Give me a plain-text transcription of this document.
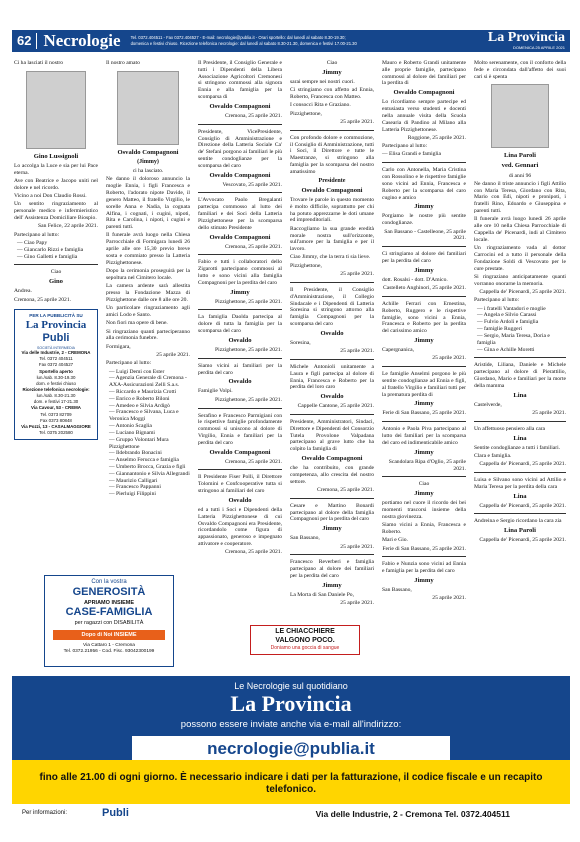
62 Necrologie	Tel. 0372.404511 - Fax 0372.404527 - E-mail: necrologie@publia.it - Orari sportello: dal lunedì al sabato 8.30-19.30;
domenica e festivi chiuso. Ricezione telefonica necrologie: dal lunedì al sabato 8.30-21.30, domenica e festivi 17.00-21.30	La Provincia
DOMENICA 25 APRILE 2021

Ci ha lasciati il nostro

Gino Lussignoli

Lo accolga la Luce e sia per lui Pace eterna.

Ave con Beatrice e Jacopo uniti nel dolore e nel ricordo.

Vicino a noi Don Claudio Rossi.

Un sentito ringraziamento al personale medico e infermieristico dell' Assistenza Domiciliare Biospio.

San Felice, 22 aprile 2021.

Partecipano al lutto:

— Ciao Papy
— Giancarlo Rizzi e famiglia
— Gino Galletti e famiglia

Ciao

Gino

Andrea.

Cremona, 25 aprile 2021.

PER LA PUBBLICITÀ SU
La Provincia
Publi
SOCIETÀ INTERMEDIA
Via delle Industrie, 2 - CREMONA
Tel. 0372 404511
Fax 0372 404527
Sportello aperto
lun./sab. 8.30-19.30
dom. e festivi chiuso
Ricezione telefonica necrologie:
lun./sab. 8.30-21.30
dom. e festivi 17-21.30
Via Cavour, 53 - CREMA
Tel. 0373 82709
Fax 0373 80848
Via Pozzi, 13 - CASALMAGGIORE
Tel. 0375 202580

Il nostro amato

Osvaldo Compagnoni
(Jimmy)

ci ha lasciato.

Ne danno il doloroso annuncio la moglie Ennia, i figli Francesca e Roberto, l'adorato nipote Davide, il genero Matteo, il fratello Virgilio, le sorelle Anna e Nadia, la cognata Alfina, i cognati, i cugini, nipoti, Rita e Carolina, i nipoti, i cugini e parenti tutti.

Il funerale avrà luogo nella Chiesa Parrocchiale di Formigara lunedì 26 aprile alle ore 15,30 previo breve sosta e commiato presso la Latteria Pizzighettonese.

Dopo la cerimonia proseguirà per la sepoltura nel Cimitero locale.

La camera ardente sarà allestita presso la Fondazione Mazza di Pizzighettone dalle ore 8 alle ore 20.

Un particolare ringraziamento agli amici Lodo e Santo.

Non fiori ma opere di bene.

Si ringraziano quanti parteciperanno alla cerimonia funebre.

Formigara,

25 aprile 2021.

Partecipano al lutto:

— Luigi Demi con Ester
— Agenzia Generale di Cremona - AXA-Assicurazioni Zelli S.a.s.
— Riccardo e Maurizia Crotti
— Enrico e Roberto Biloni
— Amedeo e Silvia Ardigò
— Francesco e Silvana, Luca e Veronica Moggi
— Antonio Scaglia
— Luciano Bignami
— Gruppo Volontari Mura Pizzighettone
— Ildebrando Bonacini
— Anselmo Ferucca e famiglia
— Umberto Brocca, Grazia e figli
— Giannantonio e Silvia Allegrandi
— Maurizio Calligari
— Francesco Pappanni
— Pierluigi Filippini

Il Presidente, il Consiglio Generale e tutti i Dipendenti della Libera Associazione Agricoltori Cremonesi si stringono commossi alla signora Ennia e alla famiglia per la scomparsa di

Osvaldo Compagnoni

Cremona, 25 aprile 2021.

Presidente, VicePresidente, Consiglio di Amministrazione e Direzione della Latteria Sociale Ca' de' Stefani porgono ai familiari le più sentite condoglianze per la scomparsa del caro

Osvaldo Compagnoni

Vescovato, 25 aprile 2021.

L'Avvocato Paolo Bregalanti partecipa commosso al lutto dei familiari e dei Soci della Latteria Pizzighettonese per la scomparsa dello stimato Presidente

Osvaldo Compagnoni

Cremona, 25 aprile 2021.

Fabio e tutti i collaboratori dello Zigarotti partecipano commossi al lutto e sono vicini alla famiglia Compagnoni per la perdita del caro

Jimmy

Pizzighettone, 25 aprile 2021.

La famiglia Daolda partecipa al dolore di tutta la famiglia per la scomparsa del caro

Osvaldo

Pizzighettone, 25 aprile 2021.

Siamo vicini ai familiari per la perdita del caro

Osvaldo

Famiglie Volpi.

Pizzighettone, 25 aprile 2021.

Serafino e Francesco Parmigiani con le rispettive famiglie profondamente commossi si uniscono al dolore di Virgilio, Ennia e familiari per la perdita del caro

Osvaldo Compagnoni

Cremona, 25 aprile 2021.

Il Presidente Fiser Polli, il Direttore Tolomini e Confcooperative tutta si stringono ai familiari del caro

Osvaldo

ed a tutti i Soci e Dipendenti della Latteria Pizzighettonese di cui Osvaldo Compagnoni era Presidente, ricordandolo come figura di appassionato, generoso e impegnato attivatore e cooperatore.

Cremona, 25 aprile 2021.

Ciao

Jimmy

sarai sempre nei nostri cuori.

Ci stringiamo con affetto ad Ennia, Roberto, Francesca con Matteo.

I consocci Rita e Graziano.

Pizzighettone,

25 aprile 2021.

Con profondo dolore e commozione, il Consiglio di Amministrazione, tutti i Soci, il Direttore e tutte le Maestranze, si stringono alla famiglia per la scomparsa del nostro amatissimo

Presidente
Osvaldo Compagnoni

Trovare le parole in questo momento è molto difficile, soprattutto per chi ha potuto apprezzarne le doti umane ed imprenditoriali.

Raccogliamo la sua grande eredità morale nostra sull'orizzonte, sull'amore per la famiglia e per il lavoro.

Ciao Jimmy, che la terra ti sia lieve.

Pizzighettone,

25 aprile 2021.

Il Presidente, il Consiglio d'Amministrazione, il Collegio Sindacale e i Dipendenti di Latteria Soresina si stringono attorno alla famiglia Compagnoni per la scomparsa del caro

Osvaldo

Soresina,

25 aprile 2021.

Michele Antonioli unitamente a Laura e figli partecipa al dolore di Ennia, Francesca e Roberto per la perdita del loro caro

Osvaldo

Cappelle Cantone, 25 aprile 2021.

Presidente, Amministratori, Sindaci, Direttore e Dipendenti del Consorzio Tutela Provolone Valpadana partecipano al grave lutto che ha colpito la famiglia di

Osvaldo Compagnoni

che ha contribuito, con grande competenza, allo crescita del nostro settore.

Cremona, 25 aprile 2021.

Cesare e Martino Bonardi partecipano al dolore della famiglia Compagnoni per la perdita del caro

Jimmy

San Bassano,

25 aprile 2021.

Francesco Reverberi e famiglia partecipano al dolore dei familiari per la perdita del caro

Jimmy

La Morta di San Daniele Po,

25 aprile 2021.

Mauro e Roberto Grandi unitamente alle proprie famiglie, partecipano commossi al dolore dei familiari per la perdita di

Osvaldo Compagnoni

Lo ricordiamo sempre partecipe ed entusiasta verso studenti e docenti nella annuale visita della Scuola Casearia di Pandino al Milano alla Latteria Pizzighettonese.

Roggione, 25 aprile 2021.

Partecipano al lutto:

— Elisa Grandi e famiglia

Carlo con Antonella, Maria Cristina con Rossolino e le rispettive famiglie sono vicini ad Ennia, Francesca e Roberto per la scomparsa del caro cugino e amico

Jimmy

Porgiamo le nostre più sentite condoglianze.

San Bassano - Castelleone, 25 aprile 2021.

Ci stringiamo al dolore dei familiari per la perdita del caro

Jimmy

dott. Rosalsi - dott. D'Amico.

Castelleto Anghinori, 25 aprile 2021.

Achille Ferrari con Ernestina, Roberto, Ruggero e le rispettive famiglie, sono vicini a Ennia, Francesca e Roberto per la perdita del carissimo amico

Jimmy

Capergnanica,

25 aprile 2021.

Le famiglie Anselmi porgono le più sentite condoglianze ad Ennia e figli, al fratello Virgilio e familiari tutti per la prematura perdita di

Jimmy

Ferie di San Bassano, 25 aprile 2021.

Antonio e Paola Piva partecipano al lutto dei familiari per la scomparsa del caro ed indimenticabile amico

Jimmy

Scandolara Ripa d'Oglio, 25 aprile 2021.

Ciao

Jimmy

portiamo nel cuore il ricordo dei bei momenti trascorsi insieme della nostra giovinezza.

Siamo vicini a Ennia, Francesca e Roberto.

Mari e Gio.

Ferie di San Bassano, 25 aprile 2021.

Fabio e Nunzia sono vicini ad Ennia e famiglia per la perdita del caro

Jimmy

San Bassano,

25 aprile 2021.

Molto serenamente, con il conforto della fede e circondata dall'affetto dei suoi cari si è spenta

Lina Paroli
ved. Gennari

di anni 96

Ne danno il triste annuncio i figli Attilio con Maria Teresa, Giordano con Rita, Mario con Edi, nipoti e pronipoti, i fratelli Rino, Edoardo e Giuseppina e parenti tutti.

Il funerale avrà luogo lunedì 26 aprile alle ore 10 nella Chiesa Parrocchiale di Cappella de' Picenardi, indi al Cimitero locale.

Un ringraziamento vada al dottor Carrocini ed a tutto il personale della Fondazione Soldi di Vescovato per le cure prestate.

Si ringraziano anticipatamente quanti vorranno onorarne la memoria.

Cappella de' Picenardi, 25 aprile 2021.

Partecipano al lutto:

— i fratelli Vantadori e moglie
— Angela e Silvio Carassi
— Fulvio Ardoli e famiglia
— famiglie Ruggeri
— Sergio, Maria Teresa, Doria e famiglia
— Gina e Achille Moretti

Aristide, Liliana, Daniele e Michele partecipano al dolore di Pierattilio, Giordano, Mario e familiari per la morte della mamma

Lina

Castelverde,

25 aprile 2021.

Un affettuoso pensiero alla cara

Lina

Sentite condoglianze a tutti i familiari.

Clara e famiglia.

Cappella de' Picenardi, 25 aprile 2021.

Luisa e Silvano sono vicini ad Attilio e Maria Teresa per la perdita della cara

Lina

Cappella de' Picenardi, 25 aprile 2021.

Andreina e Sergio ricordano la cara zia

Lina Paroli

Cappella de' Picenardi, 25 aprile 2021.

Con la vostra
GENEROSITÀ
APRIAMO INSIEME
CASE-FAMIGLIA
per ragazzi con DISABILITÀ
Dopo di Noi INSIEME
Via Cattaro 1 - Cremona
Tel. 0372.21956 - Cod. Fisc. 93042300199
LE CHIACCHIERE
VALGONO POCO.
Doniamo una goccia di sangue
Le Necrologie sul quotidiano
La Provincia
possono essere inviate anche via e-mail all'indirizzo:
necrologie@publia.it
fino alle 21.00 di ogni giorno. È necessario indicare i dati per la fatturazione, il codice fiscale e un recapito telefonico.
Per informazioni:	Publi	Via delle Industrie, 2 - Cremona Tel. 0372.404511
